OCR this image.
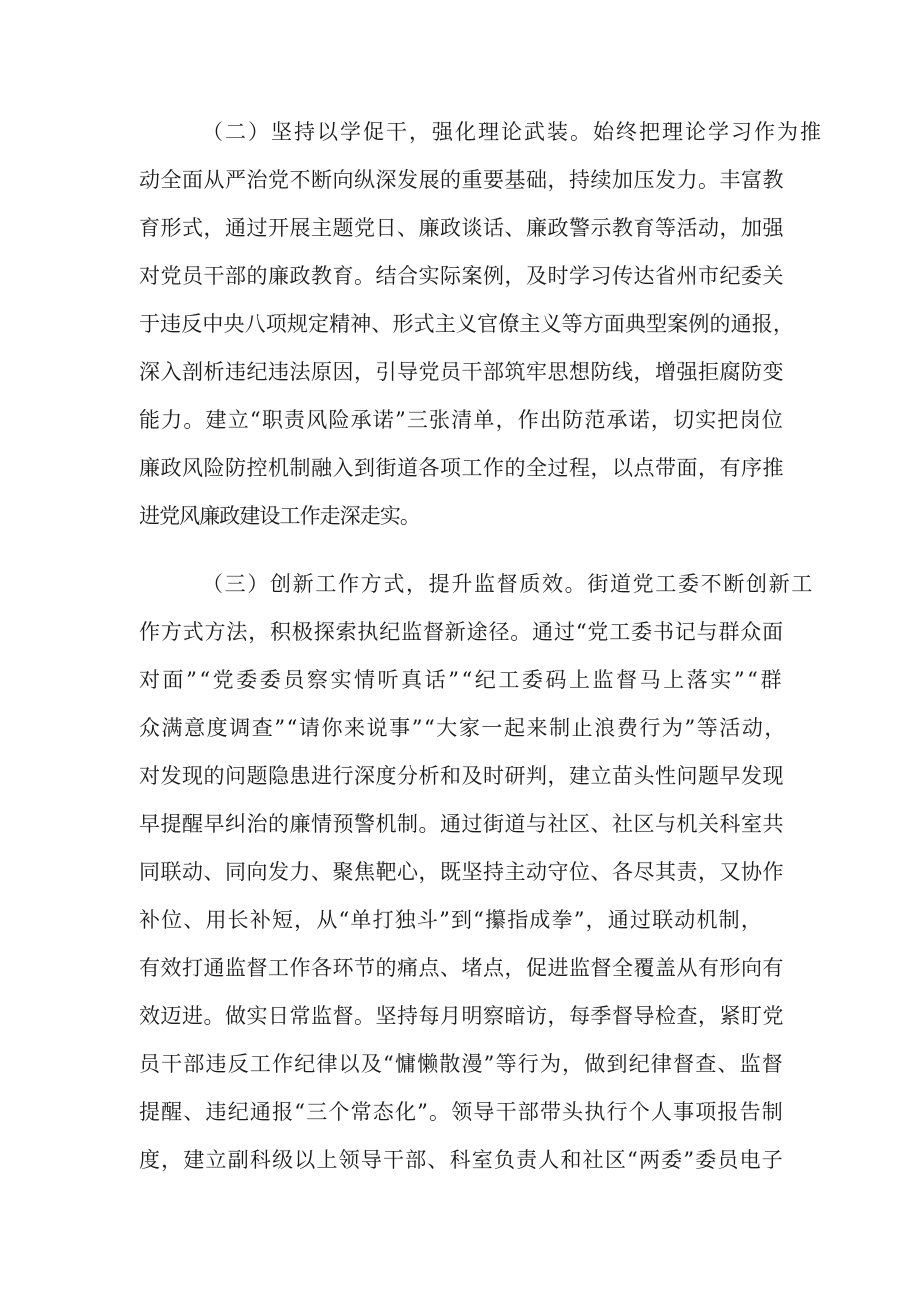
（二）坚持以学促干，强化理论武装。始终把理论学习作为推
动全面从严治党不断向纵深发展的重要基础，持续加压发力。丰富教
育形式，通过开展主题党日、廉政谈话、廉政警示教育等活动，加强
对党员干部的廉政教育。结合实际案例，及时学习传达省州市纪委关
于违反中央八项规定精神、形式主义官僚主义等方面典型案例的通报，
深入剖析违纪违法原因，引导党员干部筑牢思想防线，增强拒腐防变
能力。建立“职责风险承诺”三张清单，作出防范承诺，切实把岗位
廉政风险防控机制融入到街道各项工作的全过程，以点带面，有序推
进党风廉政建设工作走深走实。
（三）创新工作方式，提升监督质效。街道党工委不断创新工
作方式方法，积极探索执纪监督新途径。通过“党工委书记与群众面
对面”“党委委员察实情听真话”“纪工委码上监督马上落实”“群
众满意度调查”“请你来说事”“大家一起来制止浪费行为”等活动，
对发现的问题隐患进行深度分析和及时研判，建立苗头性问题早发现
早提醒早纠治的廉情预警机制。通过街道与社区、社区与机关科室共
同联动、同向发力、聚焦靶心，既坚持主动守位、各尽其责，又协作
补位、用长补短，从“单打独斗”到“攥指成拳”，通过联动机制，
有效打通监督工作各环节的痛点、堵点，促进监督全覆盖从有形向有
效迈进。做实日常监督。坚持每月明察暗访，每季督导检查，紧盯党
员干部违反工作纪律以及“慵懒散漫”等行为，做到纪律督查、监督
提醒、违纪通报“三个常态化”。领导干部带头执行个人事项报告制
度，建立副科级以上领导干部、科室负责人和社区“两委”委员电子
